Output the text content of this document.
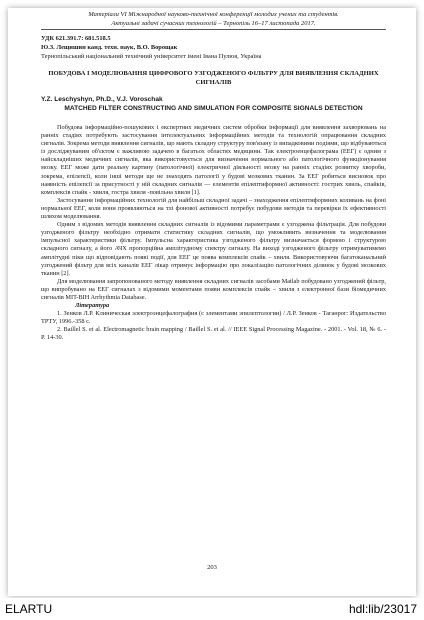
Матеріали VI Міжнародної науково-технічної конференції молодих учених та студентів.
Актуальні задачі сучасних технологій – Тернопіль 16–17 листопада 2017.
УДК 621.391.7: 681.518.5
Ю.З. Лещишин канд. техн. наук, В.О. Ворощак
Тернопільський національний технічний університет імені Івана Пулюя, Україна
ПОБУДОВА І МОДЕЛЮВАННЯ ЦИФРОВОГО УЗГОДЖЕНОГО ФІЛЬТРУ ДЛЯ ВИЯВЛЕННЯ СКЛАДНИХ СИГНАЛІВ
Y.Z. Leschyshyn, Ph.D., V.J. Voroschak
MATCHED FILTER CONSTRUCTING AND SIMULATION FOR COMPOSITE SIGNALS DETECTION

Побудова інформаційно-пошукових і експертних медичних систем обробки інформації для виявлення захворювань на ранніх стадіях потребують застосування інтелектуальних інформаційних методів та технологій опрацювання складних сигналів. Зокрема методи виявлення сигналів, що мають складну структуру пов'язану із випадковими подіями, що відбуваються із досліджуваним об'єктом є важливою задачею в багатьох областях медицини. Так електроенцефалограма (ЕЕГ) є одним з найскладніших медичних сигналів, яка використовується для визначення нормального або патологічного функціонування мозку. ЕЕГ може дати реальну картину (патологічної) електричної діяльності мозку на ранніх стадіях розвитку хвороби, зокрема, епілепсії, коли інші методи ще не знаходять патології у будові мозкових тканин. За ЕЕГ робиться висновок про наявність епілепсії за присутності у ній складних сигналів — елементів епілептиформної активності: гострих хвиль, спайків, комплексів спайк - хвиля, гостра хвиля -повільна хвиля [1].

Застосування інформаційних технологій для найбільш складної задачі – знаходження епілептиформних коливань на фоні нормальної ЕЕГ, коли вони проявляються на тлі фонової активності потребує побудови методів та перевірки їх ефективності шляхом моделювання.

Одним з відомих методів виявлення складних сигналів із відомими параметрами є узгоджена фільтрація. Для побудови узгодженого фільтру необхідно отримати статистику складних сигналів, що уможливить визначення та моделювання імпульсної характеристики фільтру. Імпульсна характеристика узгодженого фільтру визначається формою і структурою складного сигналу, а його АЧХ пропорційна амплітудному спектру сигналу. На виході узгодженого фільтру отримуватимемо амплітудні піки що відповідають появі події, для ЕЕГ це поява комплексів спайк – хвиля. Використовуючи багатоканальний узгоджений фільтр для всіх каналів ЕЕГ лікар отримує інформацію про локалізацію патологічних ділянок у будові мозкових тканин [2].

Для моделювання запропонованого методу виявлення складних сигналів засобами Matlab побудовано узгоджений фільтр, що випробувано на ЕЕГ сигналах з відомими моментами появи комплексів спайк – хвиля з електронної бази біомедичних сигналів MIT-BIH Arrhythmia Database.

Література

1. Зенков Л.Р. Клиническая электроэнцефалография (с элементами эпилептологии) / Л.Р. Зенков - Таганрог: Издательство ТРТУ, 1996.-358 с.

2. Baillel S. et al. Electromagnetic brain mapping / Baillel S. et al. // IEEE Signal Processing Magazine. - 2001. - Vol. 18, № 6. - P. 14-30.

203
ELARTU	hdl:lib/23017
